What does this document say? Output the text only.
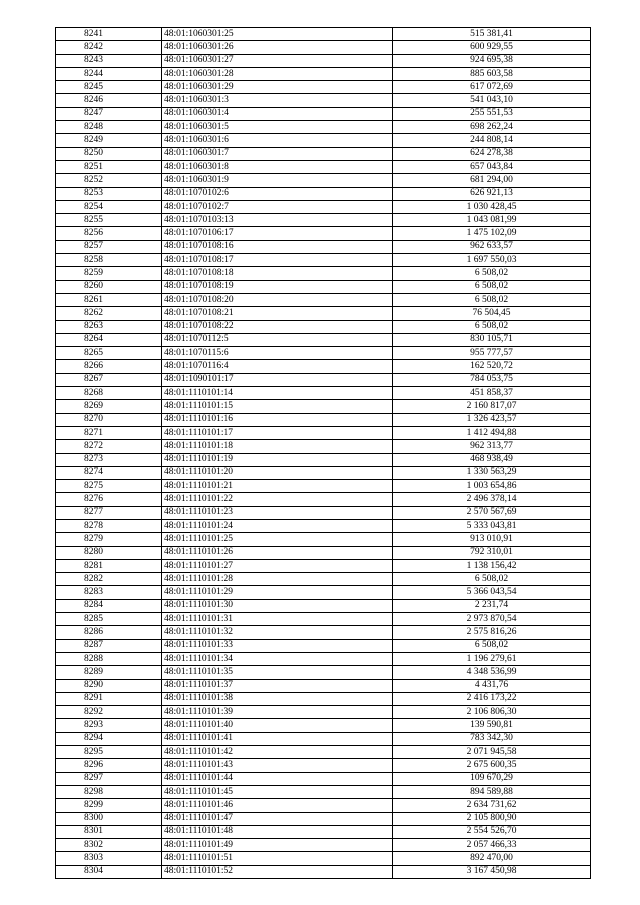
8241	48:01:1060301:25	515 381,41
8242	48:01:1060301:26	600 929,55
8243	48:01:1060301:27	924 695,38
8244	48:01:1060301:28	885 603,58
8245	48:01:1060301:29	617 072,69
8246	48:01:1060301:3	541 043,10
8247	48:01:1060301:4	255 551,53
8248	48:01:1060301:5	698 262,24
8249	48:01:1060301:6	244 808,14
8250	48:01:1060301:7	624 278,38
8251	48:01:1060301:8	657 043,84
8252	48:01:1060301:9	681 294,00
8253	48:01:1070102:6	626 921,13
8254	48:01:1070102:7	1 030 428,45
8255	48:01:1070103:13	1 043 081,99
8256	48:01:1070106:17	1 475 102,09
8257	48:01:1070108:16	962 633,57
8258	48:01:1070108:17	1 697 550,03
8259	48:01:1070108:18	6 508,02
8260	48:01:1070108:19	6 508,02
8261	48:01:1070108:20	6 508,02
8262	48:01:1070108:21	76 504,45
8263	48:01:1070108:22	6 508,02
8264	48:01:1070112:5	830 105,71
8265	48:01:1070115:6	955 777,57
8266	48:01:1070116:4	162 520,72
8267	48:01:1090101:17	784 053,75
8268	48:01:1110101:14	451 858,37
8269	48:01:1110101:15	2 160 817,07
8270	48:01:1110101:16	1 326 423,57
8271	48:01:1110101:17	1 412 494,88
8272	48:01:1110101:18	962 313,77
8273	48:01:1110101:19	468 938,49
8274	48:01:1110101:20	1 330 563,29
8275	48:01:1110101:21	1 003 654,86
8276	48:01:1110101:22	2 496 378,14
8277	48:01:1110101:23	2 570 567,69
8278	48:01:1110101:24	5 333 043,81
8279	48:01:1110101:25	913 010,91
8280	48:01:1110101:26	792 310,01
8281	48:01:1110101:27	1 138 156,42
8282	48:01:1110101:28	6 508,02
8283	48:01:1110101:29	5 366 043,54
8284	48:01:1110101:30	2 231,74
8285	48:01:1110101:31	2 973 870,54
8286	48:01:1110101:32	2 575 816,26
8287	48:01:1110101:33	6 508,02
8288	48:01:1110101:34	1 196 279,61
8289	48:01:1110101:35	4 348 536,99
8290	48:01:1110101:37	4 431,76
8291	48:01:1110101:38	2 416 173,22
8292	48:01:1110101:39	2 106 806,30
8293	48:01:1110101:40	139 590,81
8294	48:01:1110101:41	783 342,30
8295	48:01:1110101:42	2 071 945,58
8296	48:01:1110101:43	2 675 600,35
8297	48:01:1110101:44	109 670,29
8298	48:01:1110101:45	894 589,88
8299	48:01:1110101:46	2 634 731,62
8300	48:01:1110101:47	2 105 800,90
8301	48:01:1110101:48	2 554 526,70
8302	48:01:1110101:49	2 057 466,33
8303	48:01:1110101:51	892 470,00
8304	48:01:1110101:52	3 167 450,98
